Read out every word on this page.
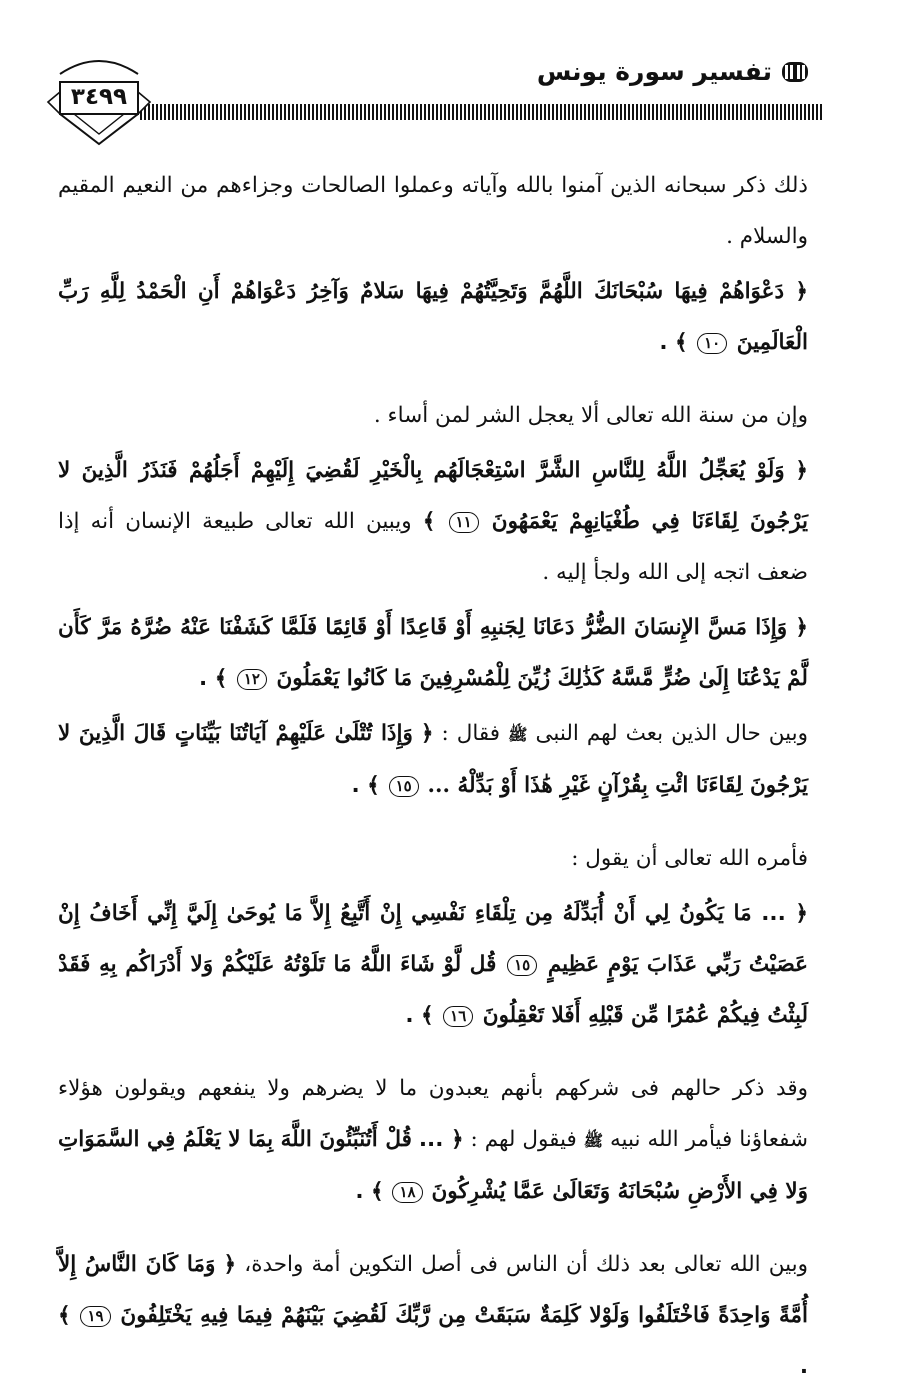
تفسير سورة يونس
٣٤٩٩

ذلك ذكر سبحانه الذين آمنوا بالله وآياته وعملوا الصالحات وجزاءهم من النعيم المقيم والسلام .

﴿ دَعْوَاهُمْ فِيهَا سُبْحَانَكَ اللَّهُمَّ وَتَحِيَّتُهُمْ فِيهَا سَلامٌ وَآخِرُ دَعْوَاهُمْ أَنِ الْحَمْدُ لِلَّهِ رَبِّ الْعَالَمِينَ ١٠ ﴾ .

وإن من سنة الله تعالى ألا يعجل الشر لمن أساء .

﴿ وَلَوْ يُعَجِّلُ اللَّهُ لِلنَّاسِ الشَّرَّ اسْتِعْجَالَهُم بِالْخَيْرِ لَقُضِيَ إِلَيْهِمْ أَجَلُهُمْ فَنَذَرُ الَّذِينَ لا يَرْجُونَ لِقَاءَنَا فِي طُغْيَانِهِمْ يَعْمَهُونَ ١١ ﴾ ويبين الله تعالى طبيعة الإنسان أنه إذا ضعف اتجه إلى الله ولجأ إليه .

﴿ وَإِذَا مَسَّ الإِنسَانَ الضُّرُّ دَعَانَا لِجَنبِهِ أَوْ قَاعِدًا أَوْ قَائِمًا فَلَمَّا كَشَفْنَا عَنْهُ ضُرَّهُ مَرَّ كَأَن لَّمْ يَدْعُنَا إِلَىٰ ضُرٍّ مَّسَّهُ كَذَٰلِكَ زُيِّنَ لِلْمُسْرِفِينَ مَا كَانُوا يَعْمَلُونَ ١٢ ﴾ .

وبين حال الذين بعث لهم النبى ﷺ فقال : ﴿ وَإِذَا تُتْلَىٰ عَلَيْهِمْ آيَاتُنَا بَيِّنَاتٍ قَالَ الَّذِينَ لا يَرْجُونَ لِقَاءَنَا ائْتِ بِقُرْآنٍ غَيْرِ هَٰذَا أَوْ بَدِّلْهُ ... ١٥ ﴾ .

فأمره الله تعالى أن يقول :

﴿ ... مَا يَكُونُ لِي أَنْ أُبَدِّلَهُ مِن تِلْقَاءِ نَفْسِي إِنْ أَتَّبِعُ إِلاَّ مَا يُوحَىٰ إِلَيَّ إِنِّي أَخَافُ إِنْ عَصَيْتُ رَبِّي عَذَابَ يَوْمٍ عَظِيمٍ ١٥ قُل لَّوْ شَاءَ اللَّهُ مَا تَلَوْتُهُ عَلَيْكُمْ وَلا أَدْرَاكُم بِهِ فَقَدْ لَبِثْتُ فِيكُمْ عُمُرًا مِّن قَبْلِهِ أَفَلا تَعْقِلُونَ ١٦ ﴾ .

وقد ذكر حالهم فى شركهم بأنهم يعبدون ما لا يضرهم ولا ينفعهم ويقولون هؤلاء شفعاؤنا فيأمر الله نبيه ﷺ فيقول لهم : ﴿ ... قُلْ أَتُنَبِّئُونَ اللَّهَ بِمَا لا يَعْلَمُ فِي السَّمَوَاتِ وَلا فِي الأَرْضِ سُبْحَانَهُ وَتَعَالَىٰ عَمَّا يُشْرِكُونَ ١٨ ﴾ .

وبين الله تعالى بعد ذلك أن الناس فى أصل التكوين أمة واحدة، ﴿ وَمَا كَانَ النَّاسُ إِلاَّ أُمَّةً وَاحِدَةً فَاخْتَلَفُوا وَلَوْلا كَلِمَةٌ سَبَقَتْ مِن رَّبِّكَ لَقُضِيَ بَيْنَهُمْ فِيمَا فِيهِ يَخْتَلِفُونَ ١٩ ﴾ .
